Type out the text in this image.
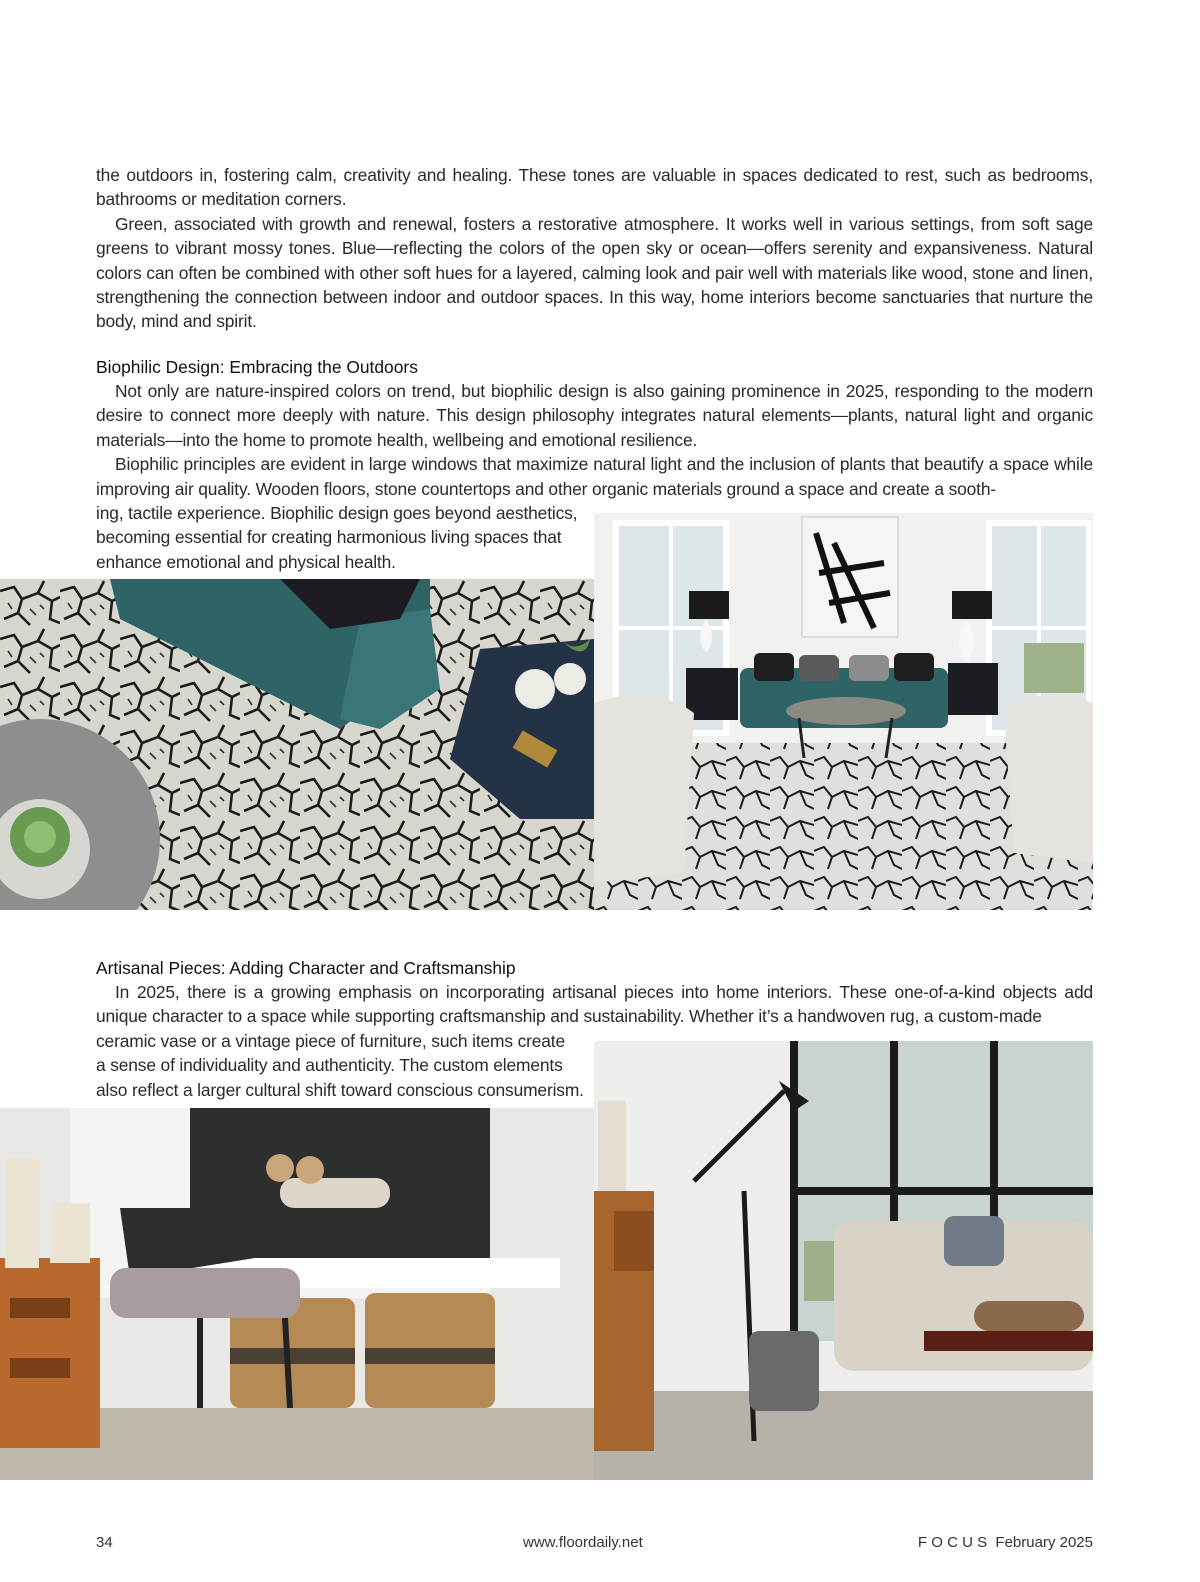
the outdoors in, fostering calm, creativity and healing. These tones are valuable in spaces dedicated to rest, such as bedrooms, bathrooms or meditation corners.

Green, associated with growth and renewal, fosters a restorative atmosphere. It works well in various settings, from soft sage greens to vibrant mossy tones. Blue—reflecting the colors of the open sky or ocean—offers serenity and expansiveness. Natural colors can often be combined with other soft hues for a layered, calming look and pair well with materials like wood, stone and linen, strengthening the connection between indoor and outdoor spaces. In this way, home interiors become sanctuaries that nurture the body, mind and spirit.

Biophilic Design: Embracing the Outdoors

Not only are nature-inspired colors on trend, but biophilic design is also gaining prominence in 2025, responding to the modern desire to connect more deeply with nature. This design philosophy integrates natural elements—plants, natural light and organic materials—into the home to promote health, wellbeing and emotional resilience.

Biophilic principles are evident in large windows that maximize natural light and the inclusion of plants that beautify a space while improving air quality. Wooden floors, stone countertops and other organic materials ground a space and create a sooth-

ing, tactile experience. Biophilic design goes beyond aesthetics,
becoming essential for creating harmonious living spaces that
enhance emotional and physical health.
Artisanal Pieces: Adding Character and Craftsmanship

In 2025, there is a growing emphasis on incorporating artisanal pieces into home interiors. These one-of-a-kind objects add unique character to a space while supporting craftsmanship and sustainability. Whether it’s a handwoven rug, a custom-made

ceramic vase or a vintage piece of furniture, such items create
a sense of individuality and authenticity. The custom elements
also reflect a larger cultural shift toward conscious consumerism.
34	www.floordaily.net	F O C U S  February 2025
